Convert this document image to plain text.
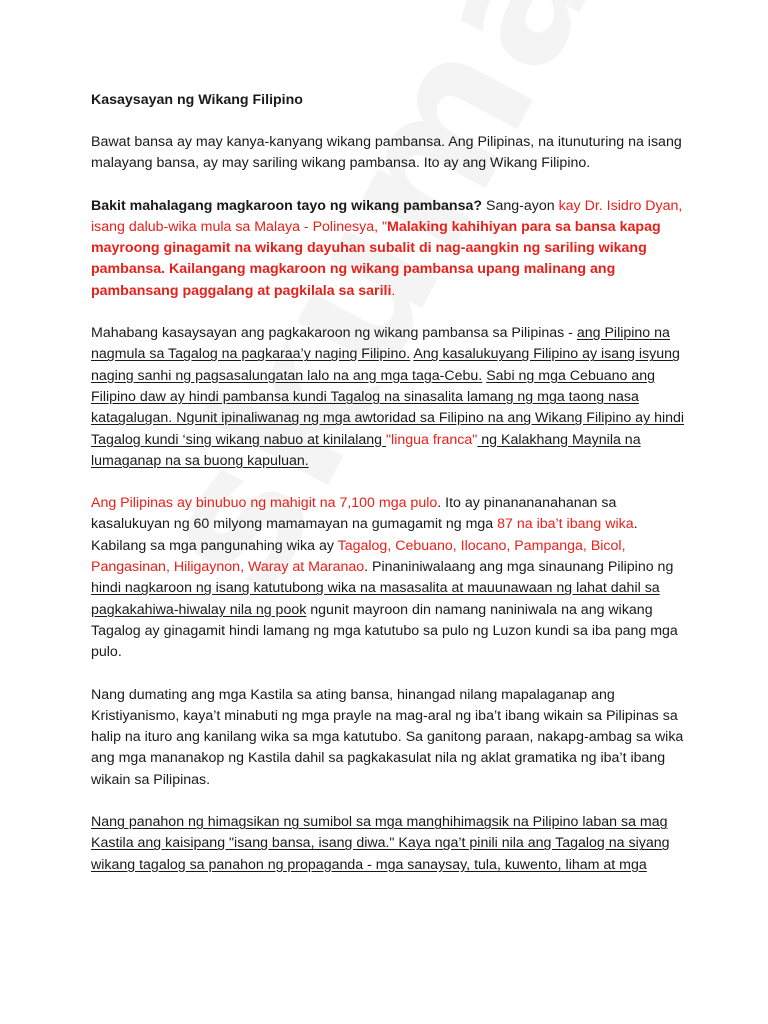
Kasaysayan ng Wikang Filipino

Bawat bansa ay may kanya-kanyang wikang pambansa. Ang Pilipinas, na itunuturing na isang malayang bansa, ay may sariling wikang pambansa. Ito ay ang Wikang Filipino.

Bakit mahalagang magkaroon tayo ng wikang pambansa? Sang-ayon kay Dr. Isidro Dyan, isang dalub-wika mula sa Malaya - Polinesya, "Malaking kahihiyan para sa bansa kapag mayroong ginagamit na wikang dayuhan subalit di nag-aangkin ng sariling wikang pambansa. Kailangang magkaroon ng wikang pambansa upang malinang ang pambansang paggalang at pagkilala sa sarili.

Mahabang kasaysayan ang pagkakaroon ng wikang pambansa sa Pilipinas - ang Pilipino na nagmula sa Tagalog na pagkaraa’y naging Filipino. Ang kasalukuyang Filipino ay isang isyung naging sanhi ng pagsasalungatan lalo na ang mga taga-Cebu. Sabi ng mga Cebuano ang Filipino daw ay hindi pambansa kundi Tagalog na sinasalita lamang ng mga taong nasa katagalugan. Ngunit ipinaliwanag ng mga awtoridad sa Filipino na ang Wikang Filipino ay hindi Tagalog kundi ‘sing wikang nabuo at kinilalang "lingua franca" ng Kalakhang Maynila na lumaganap na sa buong kapuluan.

Ang Pilipinas ay binubuo ng mahigit na 7,100 mga pulo. Ito ay pinanananahanan sa kasalukuyan ng 60 milyong mamamayan na gumagamit ng mga 87 na iba’t ibang wika. Kabilang sa mga pangunahing wika ay Tagalog, Cebuano, Ilocano, Pampanga, Bicol, Pangasinan, Hiligaynon, Waray at Maranao. Pinaniniwalaang ang mga sinaunang Pilipino ng hindi nagkaroon ng isang katutubong wika na masasalita at mauunawaan ng lahat dahil sa pagkakahiwa-hiwalay nila ng pook ngunit mayroon din namang naniniwala na ang wikang Tagalog ay ginagamit hindi lamang ng mga katutubo sa pulo ng Luzon kundi sa iba pang mga pulo.

Nang dumating ang mga Kastila sa ating bansa, hinangad nilang mapalaganap ang Kristiyanismo, kaya’t minabuti ng mga prayle na mag-aral ng iba’t ibang wikain sa Pilipinas sa halip na ituro ang kanilang wika sa mga katutubo. Sa ganitong paraan, nakapg-ambag sa wika ang mga mananakop ng Kastila dahil sa pagkakasulat nila ng aklat gramatika ng iba’t ibang wikain sa Pilipinas.

Nang panahon ng himagsikan ng sumibol sa mga manghihimagsik na Pilipino laban sa mag Kastila ang kaisipang "isang bansa, isang diwa." Kaya nga’t pinili nila ang Tagalog na siyang wikang tagalog sa panahon ng propaganda - mga sanaysay, tula, kuwento, liham at mga
